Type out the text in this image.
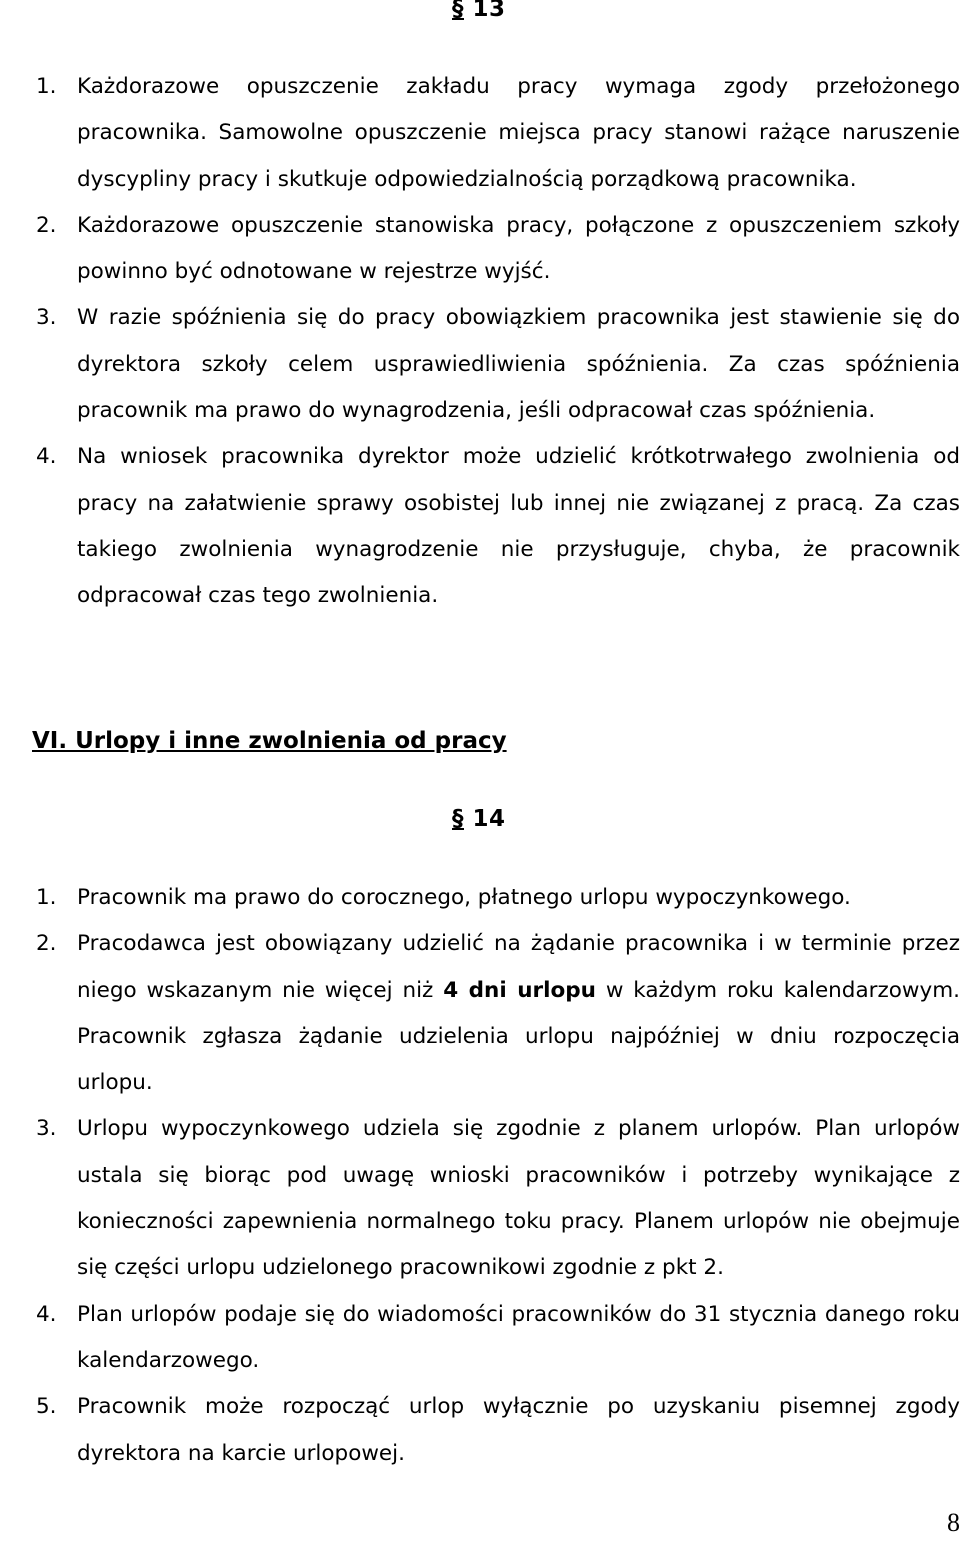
§ 13
1. Każdorazowe opuszczenie zakładu pracy wymaga zgody przełożonego pracownika. Samowolne opuszczenie miejsca pracy stanowi rażące naruszenie dyscypliny pracy i skutkuje odpowiedzialnością porządkową pracownika.
2. Każdorazowe opuszczenie stanowiska pracy, połączone z opuszczeniem szkoły powinno być odnotowane w rejestrze wyjść.
3. W razie spóźnienia się do pracy obowiązkiem pracownika jest stawienie się do dyrektora szkoły celem usprawiedliwienia spóźnienia. Za czas spóźnienia pracownik ma prawo do wynagrodzenia, jeśli odpracował czas spóźnienia.
4. Na wniosek pracownika dyrektor może udzielić krótkotrwałego zwolnienia od pracy na załatwienie sprawy osobistej lub innej nie związanej z pracą. Za czas takiego zwolnienia wynagrodzenie nie przysługuje, chyba, że pracownik odpracował czas tego zwolnienia.
VI. Urlopy i inne zwolnienia od pracy
§ 14
1. Pracownik ma prawo do corocznego, płatnego urlopu wypoczynkowego.
2. Pracodawca jest obowiązany udzielić na żądanie pracownika i w terminie przez niego wskazanym nie więcej niż 4 dni urlopu w każdym roku kalendarzowym. Pracownik zgłasza żądanie udzielenia urlopu najpóźniej w dniu rozpoczęcia urlopu.
3. Urlopu wypoczynkowego udziela się zgodnie z planem urlopów. Plan urlopów ustala się biorąc pod uwagę wnioski pracowników i potrzeby wynikające z konieczności zapewnienia normalnego toku pracy. Planem urlopów nie obejmuje się części urlopu udzielonego pracownikowi zgodnie z pkt 2.
4. Plan urlopów podaje się do wiadomości pracowników do 31 stycznia danego roku kalendarzowego.
5. Pracownik może rozpocząć urlop wyłącznie po uzyskaniu pisemnej zgody dyrektora na karcie urlopowej.
8
